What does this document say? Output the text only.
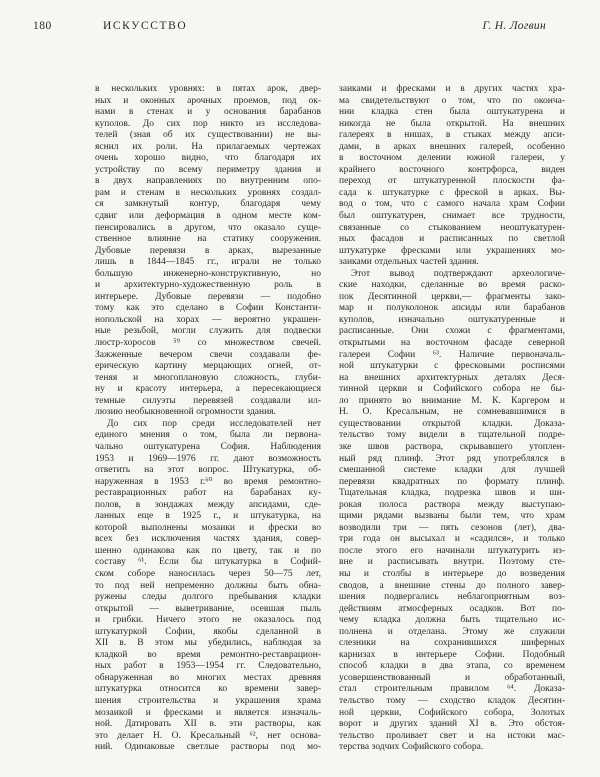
180	ИСКУССТВО	Г. Н. Логвин
в нескольких уровнях: в пятах арок, двер-
ных и оконных арочных проемов, под ок-
нами в стенах и у основания барабанов
куполов. До сих пор никто из исследова-
телей (зная об их существовании) не вы-
яснил их роли. На прилагаемых чертежах
очень хорошо видно, что благодаря их
устройству по всему периметру здания и
в двух направлениях по внутренним опо-
рам и стенам в нескольких уровнях создал-
ся замкнутый контур, благодаря чему
сдвиг или деформация в одном месте ком-
пенсировались в другом, что оказало суще-
ственное влияние на статику сооружения.
Дубовые перевязи в арках, вырезанные
лишь в 1844—1845 гг., играли не только
большую инженерно-конструктивную, но
и архитектурно-художественную роль в
интерьере. Дубовые перевязи — подобно
тому как это сделано в Софии Константи-
нопольской на хорах — вероятно украшен-
ные резьбой, могли служить для подвески
люстр-хоросов ⁵⁹ со множеством свечей.
Зажженные вечером свечи создавали фе-
ерическую картину мерцающих огней, от-
теняя и многоплановую сложность, глуби-
ну и красоту интерьера, а пересекающиеся
темные силуэты перевязей создавали ил-
люзию необыкновенной огромности здания.
До сих пор среди исследователей нет
единого мнения о том, была ли первона-
чально оштукатурена София. Наблюдения
1953 и 1969—1976 гг. дают возможность
ответить на этот вопрос. Штукатурка, об-
наруженная в 1953 г.⁶⁰ во время ремонтно-
реставрационных работ на барабанах ку-
полов, в зондажах между апсидами, сде-
ланных еще в 1925 г., и штукатурка, на
которой выполнены мозаики и фрески во
всех без исключения частях здания, совер-
шенно одинакова как по цвету, так и по
составу ⁶¹. Если бы штукатурка в Софий-
ском соборе наносилась через 50—75 лет,
то под ней непременно должны быть обна-
ружены следы долгого пребывания кладки
открытой — выветривание, осевшая пыль
и грибки. Ничего этого не оказалось под
штукатуркой Софии, якобы сделанной в
XII в. В этом мы убедились, наблюдая за
кладкой во время ремонтно-реставрацион-
ных работ в 1953—1954 гг. Следовательно,
обнаруженная во многих местах древняя
штукатурка относится ко времени завер-
шения строительства и украшения храма
мозаикой и фресками и является изначаль-
ной. Датировать XII в. эти растворы, как
это делает Н. О. Кресальный ⁶², нет основа-
ний. Одинаковые светлые растворы под мо-
заиками и фресками и в других частях хра-
ма свидетельствуют о том, что по оконча-
нии кладка стен была оштукатурена и
никогда не была открытой. На внешних
галереях в нишах, в стыках между апси-
дами, в арках внешних галерей, особенно
в восточном делении южной галереи, у
крайнего восточного контрфорса, виден
переход от штукатуренной плоскости фа-
сада к штукатурке с фреской в арках. Вы-
вод о том, что с самого начала храм Софии
был оштукатурен, снимает все трудности,
связанные со стыкованием неоштукатурен-
ных фасадов и расписанных по светлой
штукатурке фресками или украшениях мо-
заиками отдельных частей здания.
Этот вывод подтверждают археологиче-
ские находки, сделанные во время раско-
пок Десятинной церкви,— фрагменты зако-
мар и полуколонок апсиды или барабанов
куполов, изначально оштукатуренные и
расписанные. Они схожи с фрагментами,
открытыми на восточном фасаде северной
галереи Софии ⁶³. Наличие первоначаль-
ной штукатурки с фресковыми росписями
на внешних архитектурных деталях Деся-
тинной церкви и Софийского собора не бы-
ло принято во внимание М. К. Каргером и
Н. О. Кресальным, не сомневавшимися в
существовании открытой кладки. Доказа-
тельство тому видели в тщательной подре-
зке швов раствора, скрывавшего утоплен-
ный ряд плинф. Этот ряд употреблялся в
смешанной системе кладки для лучшей
перевязи квадратных по формату плинф.
Тщательная кладка, подрезка швов и ши-
рокая полоса раствора между выступаю-
щими рядами вызваны были тем, что храм
возводили три — пять сезонов (лет), два-
три года он высыхал и «садился», и только
после этого его начинали штукатурить из-
вне и расписывать внутри. Поэтому сте-
ны и столбы в интерьере до возведения
сводов, а внешние стены до полного завер-
шения подвергались неблагоприятным воз-
действиям атмосферных осадков. Вот по-
чему кладка должна быть тщательно ис-
полнена и отделана. Этому же служили
слезники на сохранившихся шиферных
карнизах в интерьере Софии. Подобный
способ кладки в два этапа, со временем
усовершенствованный и обработанный,
стал строительным правилом ⁶⁴. Доказа-
тельство тому — сходство кладок Десятин-
ной церкви, Софийского собора, Золотых
ворот и других зданий XI в. Это обстоя-
тельство проливает свет и на истоки мас-
терства зодчих Софийского собора.
